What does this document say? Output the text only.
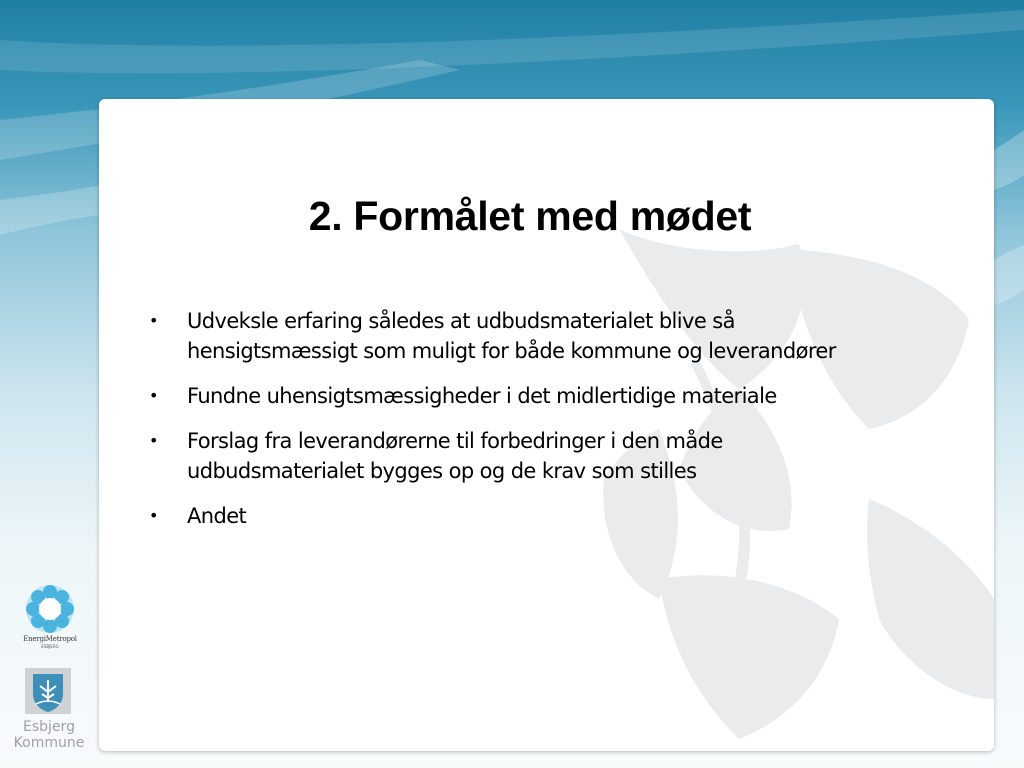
2. Formålet med mødet
• Udveksle erfaring således at udbudsmaterialet blive så
hensigtsmæssigt som muligt for både kommune og leverandører
• Fundne uhensigtsmæssigheder i det midlertidige materiale
• Forslag fra leverandørerne til forbedringer i den måde
udbudsmaterialet bygges op og de krav som stilles
• Andet
EnergiMetropol
ESBJERG
Esbjerg
Kommune
